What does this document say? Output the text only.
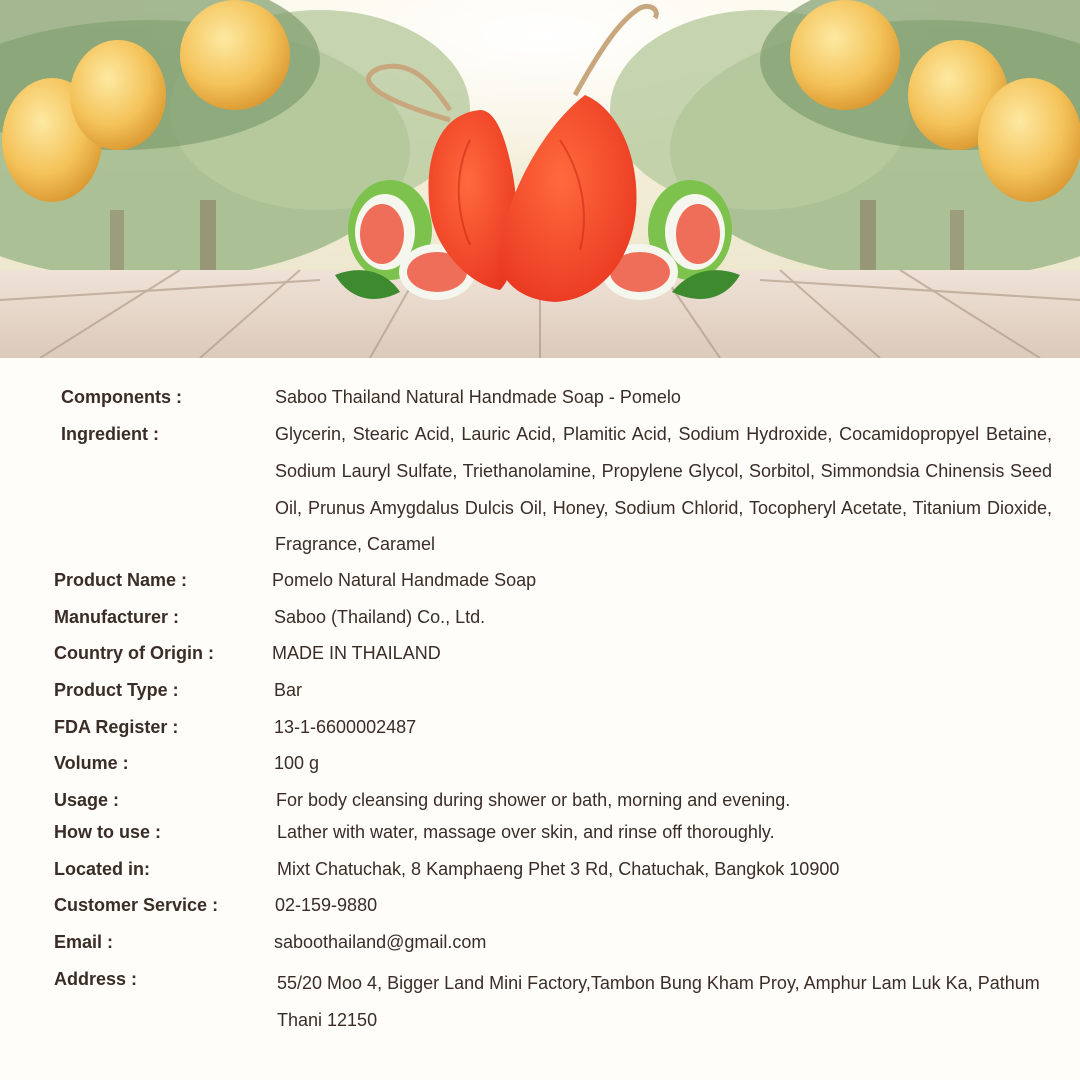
Components :	Saboo Thailand Natural Handmade Soap - Pomelo
Ingredient :	Glycerin, Stearic Acid, Lauric Acid, Plamitic Acid, Sodium Hydroxide, Cocamidopropyel Betaine, Sodium Lauryl Sulfate, Triethanolamine, Propylene Glycol, Sorbitol, Simmondsia Chinensis Seed Oil, Prunus Amygdalus Dulcis Oil, Honey, Sodium Chlorid, Tocopheryl Acetate, Titanium Dioxide, Fragrance, Caramel
Product Name :	Pomelo Natural Handmade Soap
Manufacturer :	Saboo (Thailand) Co., Ltd.
Country of Origin :	MADE IN THAILAND
Product Type :	Bar
FDA Register :	13-1-6600002487
Volume :	100 g
Usage :	For body cleansing during shower or bath, morning and evening.
How to use :	Lather with water, massage over skin, and rinse off thoroughly.
Located in:	Mixt Chatuchak, 8 Kamphaeng Phet 3 Rd, Chatuchak, Bangkok 10900
Customer Service :	02-159-9880
Email :	saboothailand@gmail.com
Address :	55/20 Moo 4, Bigger Land Mini Factory,Tambon Bung Kham Proy, Amphur Lam Luk Ka, Pathum Thani 12150
